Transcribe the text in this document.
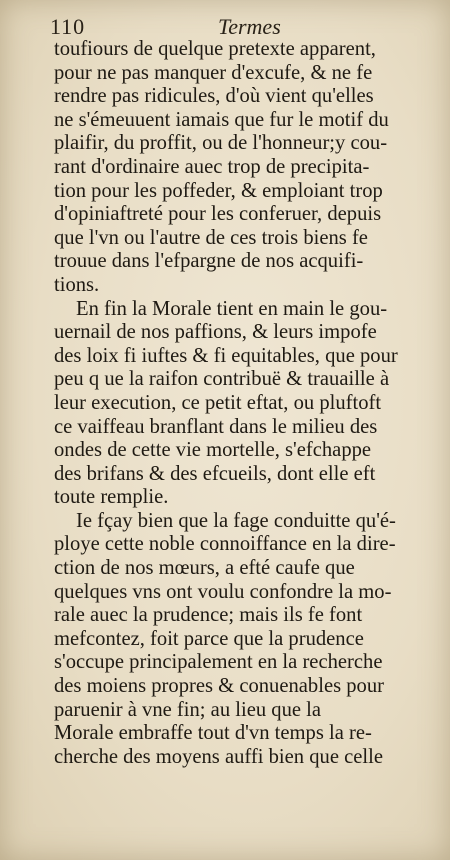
110	Termes
toufiours de quelque pretexte apparent,
pour ne pas manquer d'excufe, & ne fe
rendre pas ridicules, d'où vient qu'elles
ne s'émeuuent iamais que fur le motif du
plaifir, du proffit, ou de l'honneur;y cou-
rant d'ordinaire auec trop de precipita-
tion pour les poffeder, & emploiant trop
d'opiniaftreté pour les conferuer, depuis
que l'vn ou l'autre de ces trois biens fe
trouue dans l'efpargne de nos acquifi-
tions.
En fin la Morale tient en main le gou-
uernail de nos paffions, & leurs impofe
des loix fi iuftes & fi equitables, que pour
peu q ue la raifon contribuë & trauaille à
leur execution, ce petit eftat, ou pluftoft
ce vaiffeau branflant dans le milieu des
ondes de cette vie mortelle, s'efchappe
des brifans & des efcueils, dont elle eft
toute remplie.
Ie fçay bien que la fage conduitte qu'é-
ploye cette noble connoiffance en la dire-
ction de nos mœurs, a efté caufe que
quelques vns ont voulu confondre la mo-
rale auec la prudence; mais ils fe font
mefcontez, foit parce que la prudence
s'occupe principalement en la recherche
des moiens propres & conuenables pour
paruenir à vne fin; au lieu que la
Morale embraffe tout d'vn temps la re-
cherche des moyens auffi bien que celle
